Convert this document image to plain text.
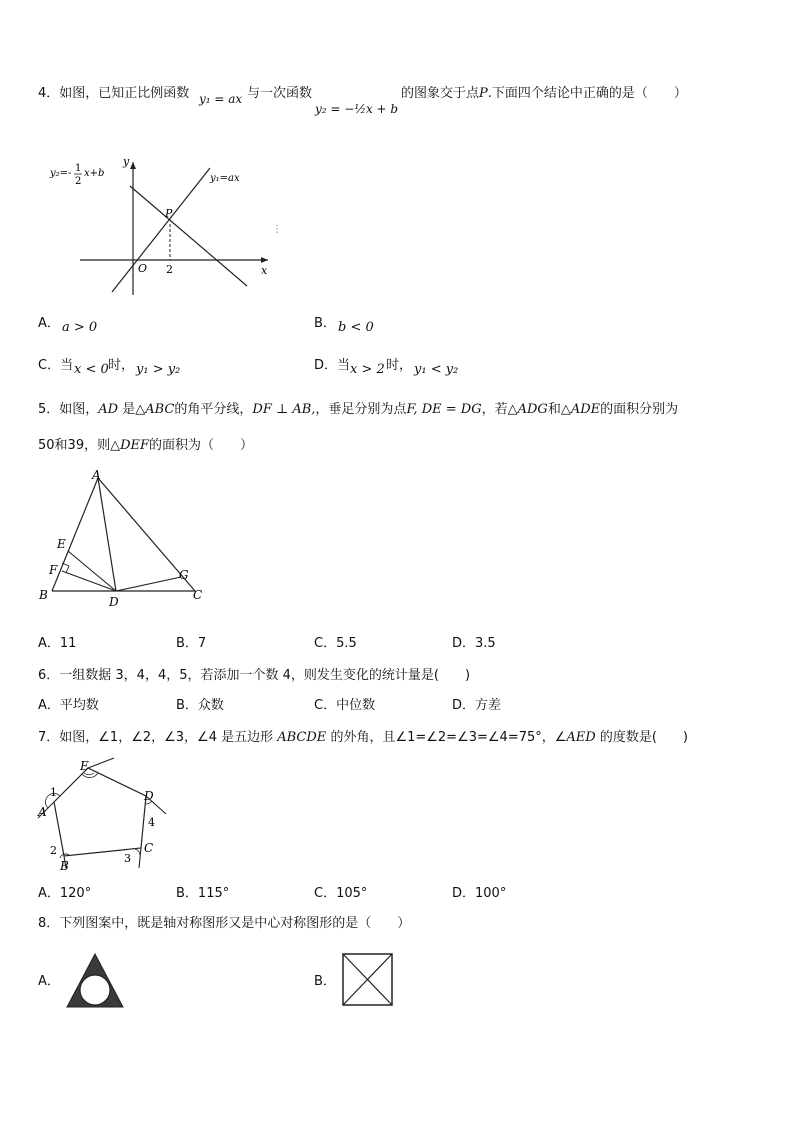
4．如图，已知正比例函数 y₁ = ax 与一次函数
y₂ = −½x + b
的图象交于点P.下面四个结论中正确的是（　　）
y₂=- 1
2
x+b	y₁=ax
y
x
O
P
2
⋮
A． a > 0	B． b < 0
C．当 x < 0 时， y₁ > y₂	D．当 x > 2 时， y₁ < y₂
5．如图，AD 是△ABC的角平分线，DF ⊥ AB,，垂足分别为点F, DE = DG，若△ADG和△ADE的面积分别为
50和39，则△DEF的面积为（　　）
A
B	C
D
E
F	G
A．11	B．7	C．5.5	D．3.5
6．一组数据 3，4，4，5，若添加一个数 4，则发生变化的统计量是(　　)
A．平均数	B．众数	C．中位数	D．方差
7．如图，∠1，∠2，∠3，∠4 是五边形 ABCDE 的外角，且∠1=∠2=∠3=∠4=75°，∠AED 的度数是(　　)
E
A
B
C
D
1
2
3
4
A．120°	B．115°	C．105°	D．100°
8．下列图案中，既是轴对称图形又是中心对称图形的是（　　）
A．	B．
